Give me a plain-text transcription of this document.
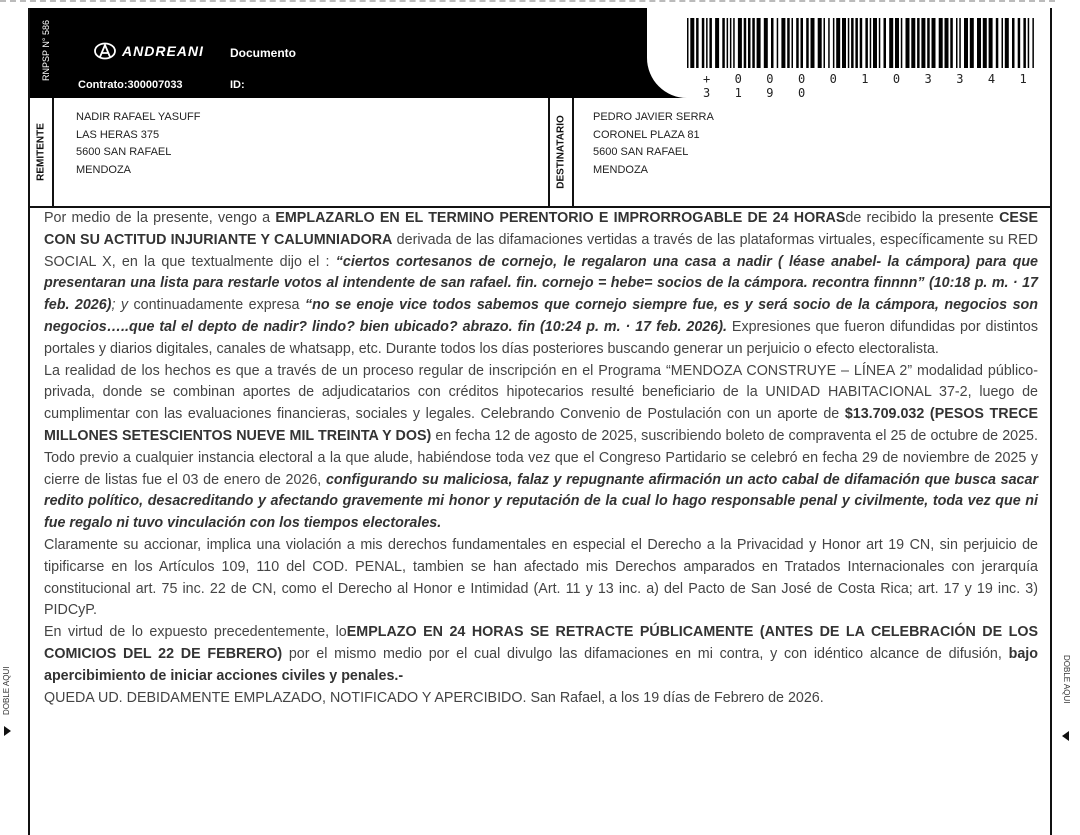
RNPSP N° 586	ANDREANI Documento
Contrato:300007033	ID:	+ 0 0 0 0 1 0 3 3 4 1 3 1 9 0
REMITENTE
NADIR RAFAEL YASUFF
LAS HERAS 375
5600 SAN RAFAEL
MENDOZA	DESTINATARIO PEDRO JAVIER SERRA
CORONEL PLAZA 81
5600 SAN RAFAEL
MENDOZA

Por medio de la presente, vengo a EMPLAZARLO EN EL TERMINO PERENTORIO E IMPRORROGABLE DE 24 HORASde recibido la presente CESE CON SU ACTITUD INJURIANTE Y CALUMNIADORA derivada de las difamaciones vertidas a través de las plataformas virtuales, específicamente su RED SOCIAL X, en la que textualmente dijo el : “ciertos cortesanos de cornejo, le regalaron una casa a nadir ( léase anabel- la cámpora) para que presentaran una lista para restarle votos al intendente de san rafael. fin. cornejo = hebe= socios de la cámpora. recontra finnnn” (10:18 p. m. · 17 feb. 2026); y continuadamente expresa “no se enoje vice todos sabemos que cornejo siempre fue, es y será socio de la cámpora, negocios son negocios…..que tal el depto de nadir? lindo? bien ubicado? abrazo. fin (10:24 p. m. · 17 feb. 2026). Expresiones que fueron difundidas por distintos portales y diarios digitales, canales de whatsapp, etc. Durante todos los días posteriores buscando generar un perjuicio o efecto electoralista.

La realidad de los hechos es que a través de un proceso regular de inscripción en el Programa “MENDOZA CONSTRUYE – LÍNEA 2” modalidad público-privada, donde se combinan aportes de adjudicatarios con créditos hipotecarios resulté beneficiario de la UNIDAD HABITACIONAL 37-2, luego de cumplimentar con las evaluaciones financieras, sociales y legales. Celebrando Convenio de Postulación con un aporte de $13.709.032 (PESOS TRECE MILLONES SETESCIENTOS NUEVE MIL TREINTA Y DOS) en fecha 12 de agosto de 2025, suscribiendo boleto de compraventa el 25 de octubre de 2025. Todo previo a cualquier instancia electoral a la que alude, habiéndose toda vez que el Congreso Partidario se celebró en fecha 29 de noviembre de 2025 y cierre de listas fue el 03 de enero de 2026, configurando su maliciosa, falaz y repugnante afirmación un acto cabal de difamación que busca sacar redito político, desacreditando y afectando gravemente mi honor y reputación de la cual lo hago responsable penal y civilmente, toda vez que ni fue regalo ni tuvo vinculación con los tiempos electorales.

Claramente su accionar, implica una violación a mis derechos fundamentales en especial el Derecho a la Privacidad y Honor art 19 CN, sin perjuicio de tipificarse en los Artículos 109, 110 del COD. PENAL, tambien se han afectado mis Derechos amparados en Tratados Internacionales con jerarquía constitucional art. 75 inc. 22 de CN, como el Derecho al Honor e Intimidad (Art. 11 y 13 inc. a) del Pacto de San José de Costa Rica; art. 17 y 19 inc. 3) PIDCyP.

En virtud de lo expuesto precedentemente, loEMPLAZO EN 24 HORAS SE RETRACTE PÚBLICAMENTE (ANTES DE LA CELEBRACIÓN DE LOS COMICIOS DEL 22 DE FEBRERO) por el mismo medio por el cual divulgo las difamaciones en mi contra, y con idéntico alcance de difusión, bajo apercibimiento de iniciar acciones civiles y penales.-

QUEDA UD. DEBIDAMENTE EMPLAZADO, NOTIFICADO Y APERCIBIDO. San Rafael, a los 19 días de Febrero de 2026.

DOBLE AQUI	DOBLE AQUI
